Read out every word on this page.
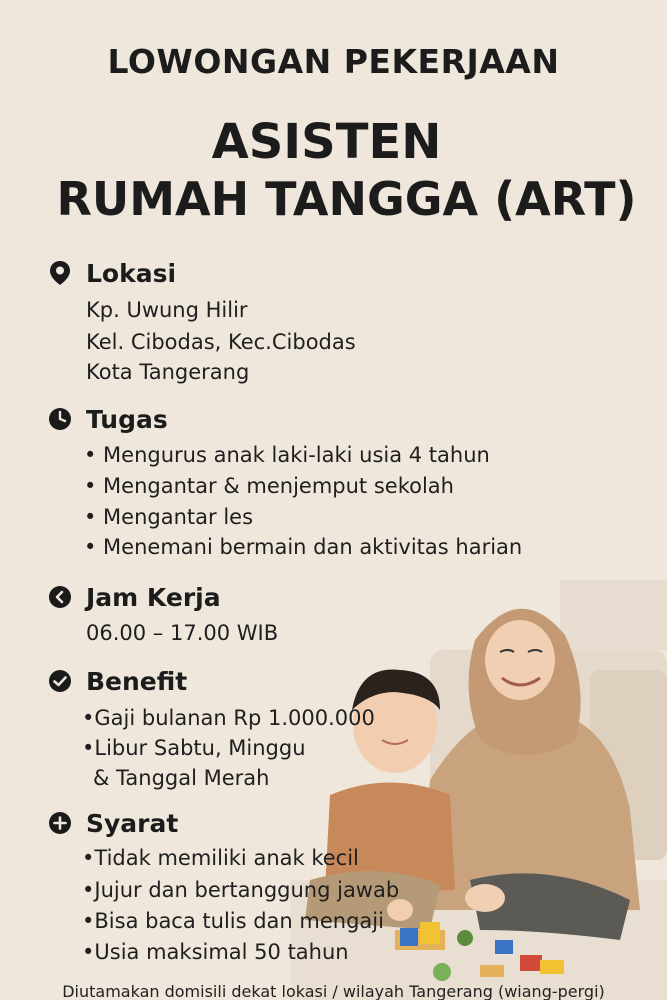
LOWONGAN PEKERJAAN
ASISTEN
RUMAH TANGGA (ART)
Lokasi
Kp. Uwung Hilir
Kel. Cibodas, Kec.Cibodas
Kota Tangerang
Tugas
• Mengurus anak laki-laki usia 4 tahun
• Mengantar & menjemput sekolah
• Mengantar les
• Menemani bermain dan aktivitas harian
Jam Kerja
06.00 – 17.00 WIB
Benefit
•Gaji bulanan Rp 1.000.000
•Libur Sabtu, Minggu
& Tanggal Merah
Syarat
•Tidak memiliki anak kecil
•Jujur dan bertanggung jawab
•Bisa baca tulis dan mengaji
•Usia maksimal 50 tahun
Diutamakan domisili dekat lokasi / wilayah Tangerang (wiang-pergi)
